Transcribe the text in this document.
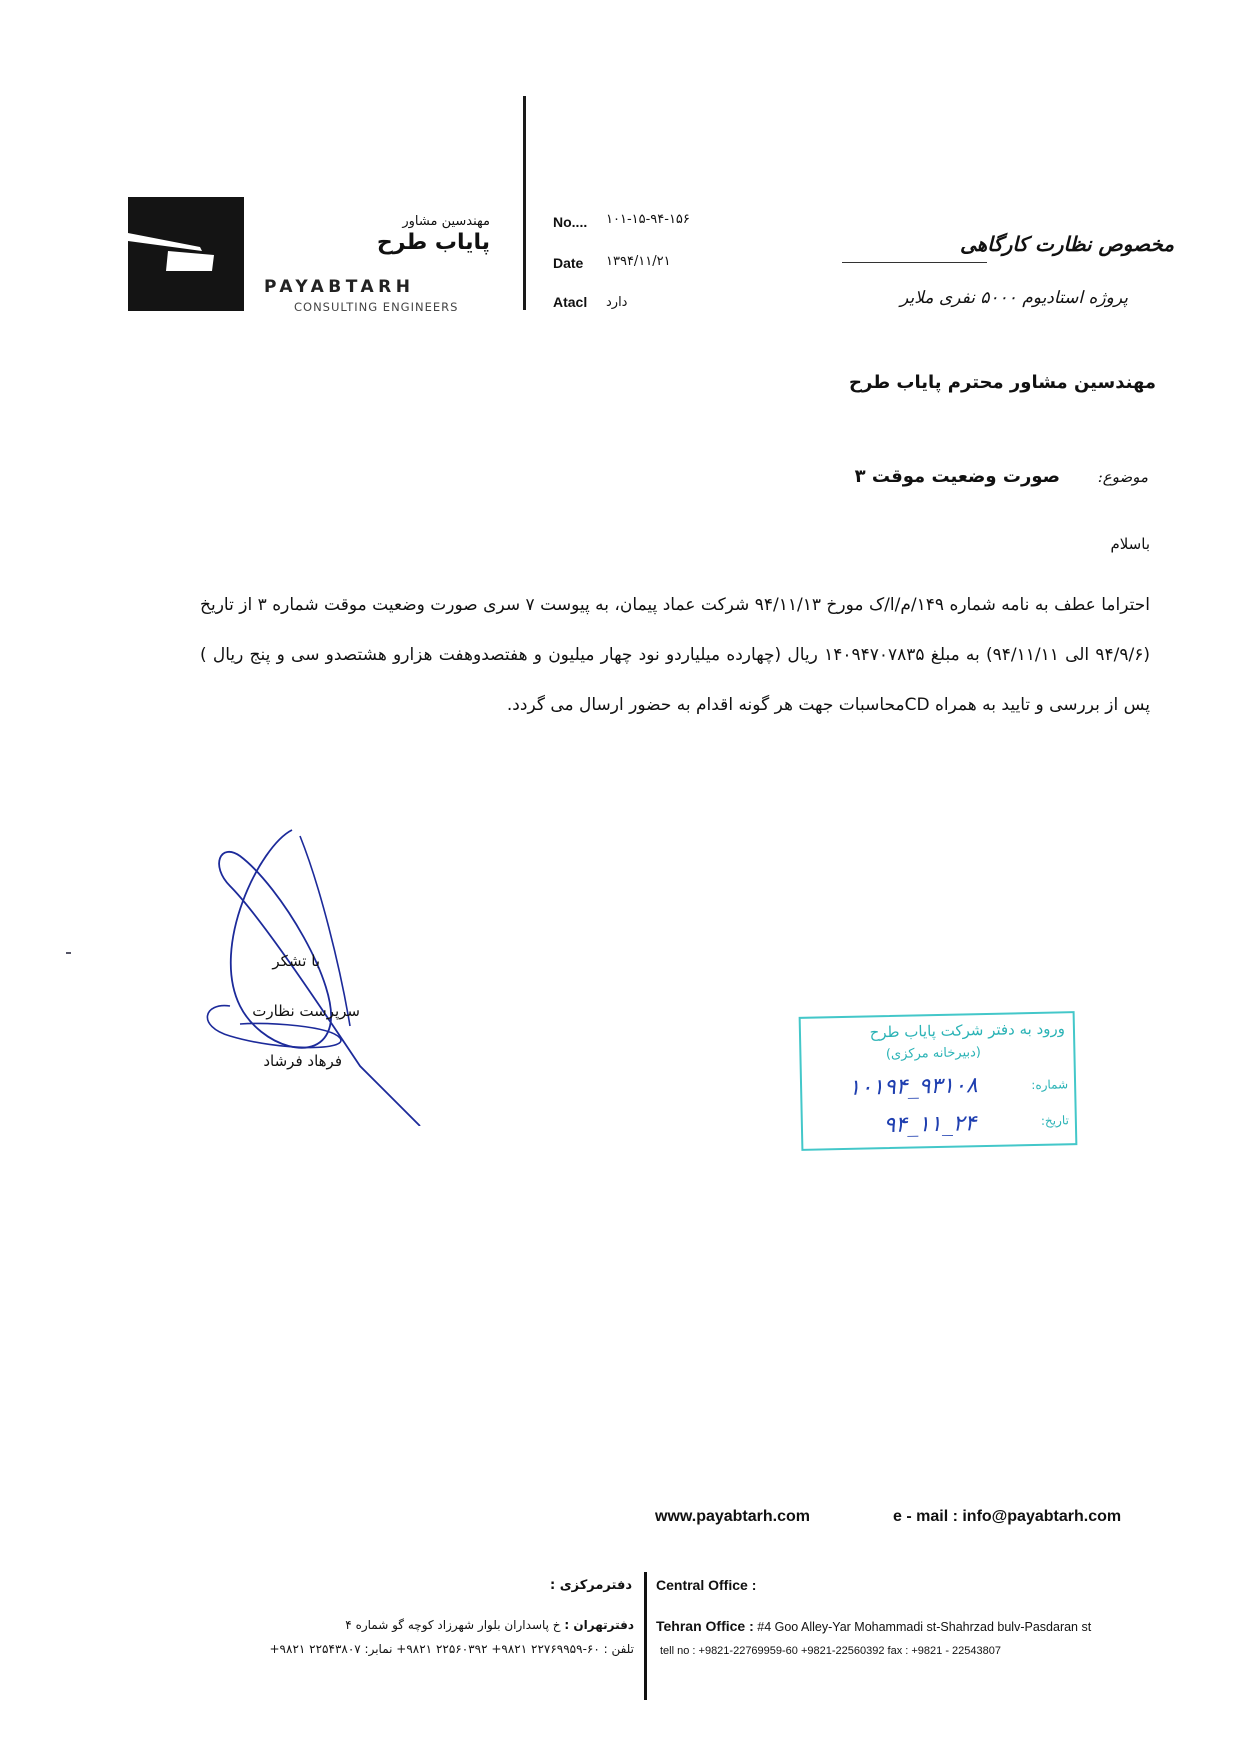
مهندسین مشاور
پایاب طرح
PAYABTARH
CONSULTING ENGINEERS
No.... ۱۰۱-۱۵-۹۴-۱۵۶
Date ۱۳۹۴/۱۱/۲۱
Atacl دارد
مخصوص نظارت کارگاهی
پروژه استادیوم ۵۰۰۰ نفری ملایر
مهندسین مشاور محترم پایاب طرح
موضوع:
صورت وضعیت موقت ۳
باسلام
احتراما عطف به نامه شماره ۱۴۹/م/ا/ک مورخ ۹۴/۱۱/۱۳ شرکت عماد پیمان، به پیوست ۷ سری صورت وضعیت موقت شماره ۳ از تاریخ (۹۴/۹/۶ الی ۹۴/۱۱/۱۱) به مبلغ ۱۴۰۹۴۷۰۷۸۳۵ ریال (چهارده میلیاردو نود چهار میلیون و هفتصدوهفت هزارو هشتصدو سی و پنج ریال ) پس از بررسی و تایید به همراه CDمحاسبات جهت هر گونه اقدام به حضور ارسال می گردد.
با تشکر
سرپرست نظارت
فرهاد فرشاد
ورود به دفتر شرکت پایاب طرح
(دبیرخانه مرکزی)
شماره:
۱۰۱۹۴_۹۳۱۰۸
تاریخ:
۹۴_۱۱_۲۴
www.payabtarh.com	e - mail : info@payabtarh.com
Central Office :
دفترمرکزی :
Tehran Office : #4 Goo Alley-Yar Mohammadi st-Shahrzad bulv-Pasdaran st
tell no : +9821-22769959-60 +9821-22560392 fax : +9821 - 22543807
دفترتهران : خ پاسداران بلوار شهرزاد کوچه گو شماره ۴
تلفن : ۶۰-۲۲۷۶۹۹۵۹ ۹۸۲۱+ ۲۲۵۶۰۳۹۲ ۹۸۲۱+ نمابر: ۲۲۵۴۳۸۰۷ ۹۸۲۱+
